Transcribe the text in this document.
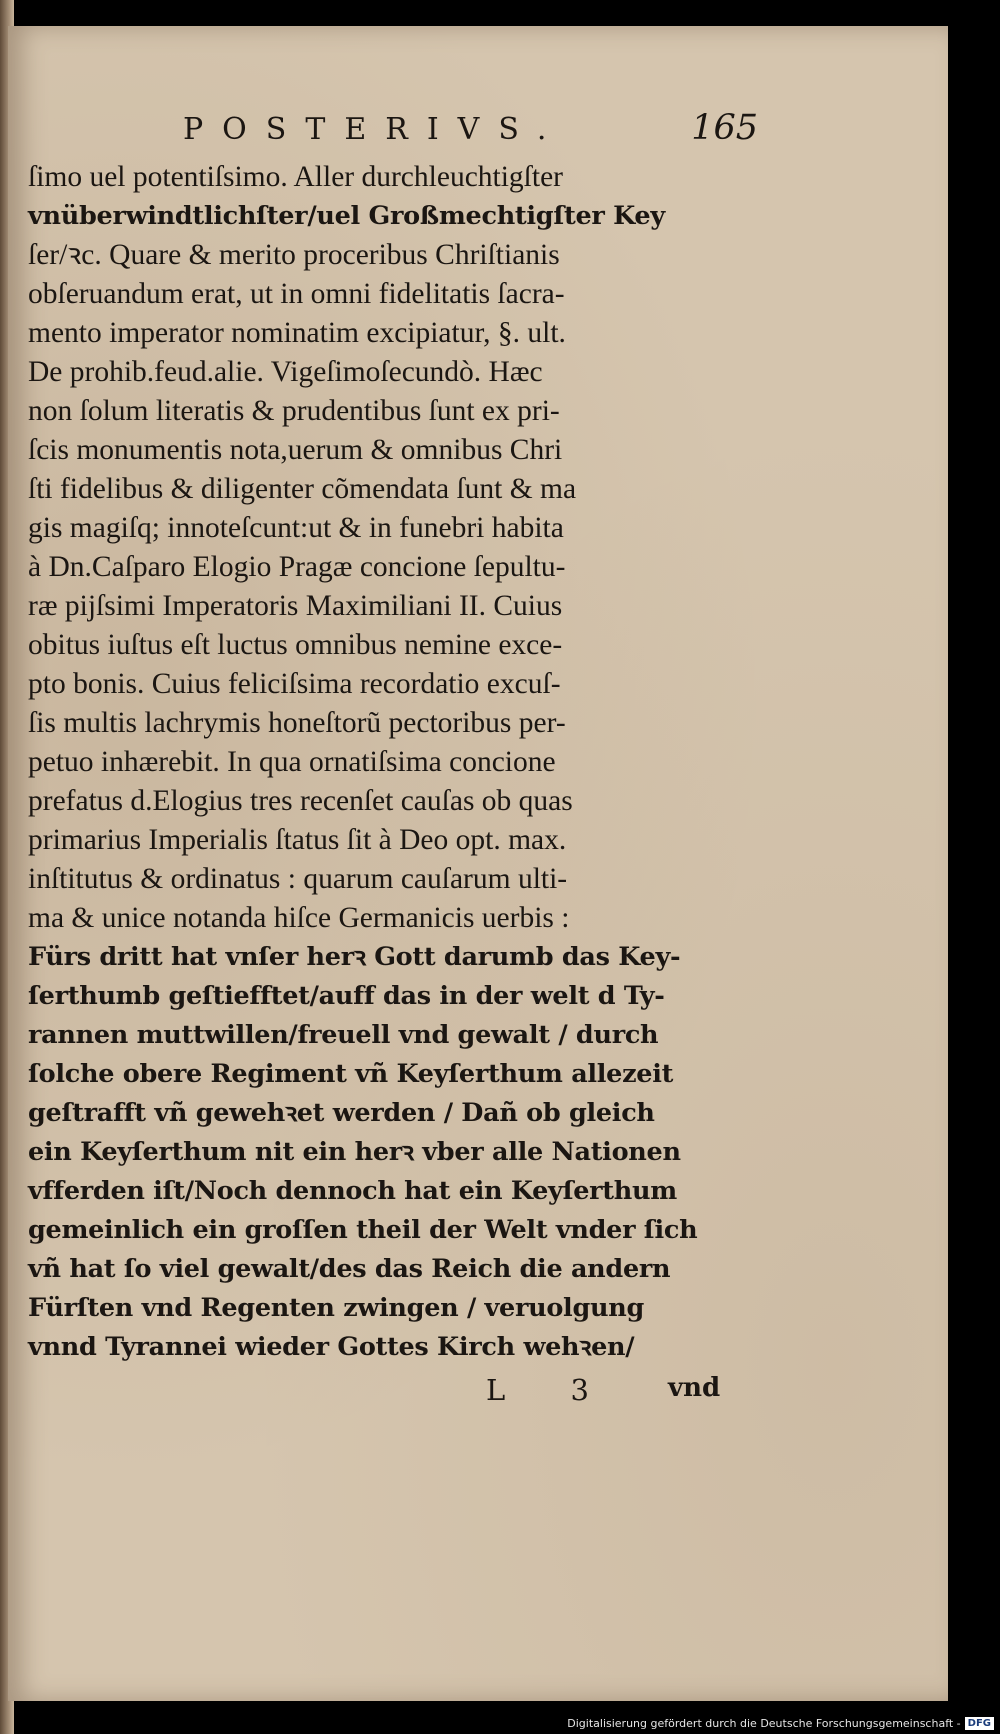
POSTERIVS.	165
ſimo uel potentiſsimo. Aller durchleuchtigſter
vnüberwindtlichſter/uel Großmechtigſter Key
ſer/ꝛc. Quare & merito proceribus Chriſtianis
obſeruandum erat, ut in omni fidelitatis ſacra-
mento imperator nominatim excipiatur, §. ult.
De prohib.feud.alie. Vigeſimoſecundò. Hæc
non ſolum literatis & prudentibus ſunt ex pri-
ſcis monumentis nota,uerum & omnibus Chri
ſti fidelibus & diligenter cõmendata ſunt & ma
gis magiſq; innoteſcunt:ut & in funebri habita
à Dn.Caſparo Elogio Pragæ concione ſepultu-
ræ pijſsimi Imperatoris Maximiliani II. Cuius
obitus iuſtus eſt luctus omnibus nemine exce-
pto bonis. Cuius feliciſsima recordatio excuſ-
ſis multis lachrymis honeſtorũ pectoribus per-
petuo inhærebit. In qua ornatiſsima concione
prefatus d.Elogius tres recenſet cauſas ob quas
primarius Imperialis ſtatus ſit à Deo opt. max.
inſtitutus & ordinatus : quarum cauſarum ulti-
ma & unice notanda hiſce Germanicis uerbis :
Fürs dritt hat vnſer herꝛ Gott darumb das Key-
ſerthumb geſtiefftet/auff das in der welt d Ty-
rannen muttwillen/freuell vnd gewalt / durch
ſolche obere Regiment vñ Keyſerthum allezeit
geſtrafft vñ gewehꝛet werden / Dañ ob gleich
ein Keyſerthum nit ein herꝛ vber alle Nationen
vfferden iſt/Noch dennoch hat ein Keyſerthum
gemeinlich ein groſſen theil der Welt vnder ſich
vñ hat ſo viel gewalt/des das Reich die andern
Fürſten vnd Regenten zwingen / veruolgung
vnnd Tyrannei wieder Gottes Kirch wehꝛen/
L 3 vnd
Digitalisierung gefördert durch die Deutsche Forschungsgemeinschaft - DFG
